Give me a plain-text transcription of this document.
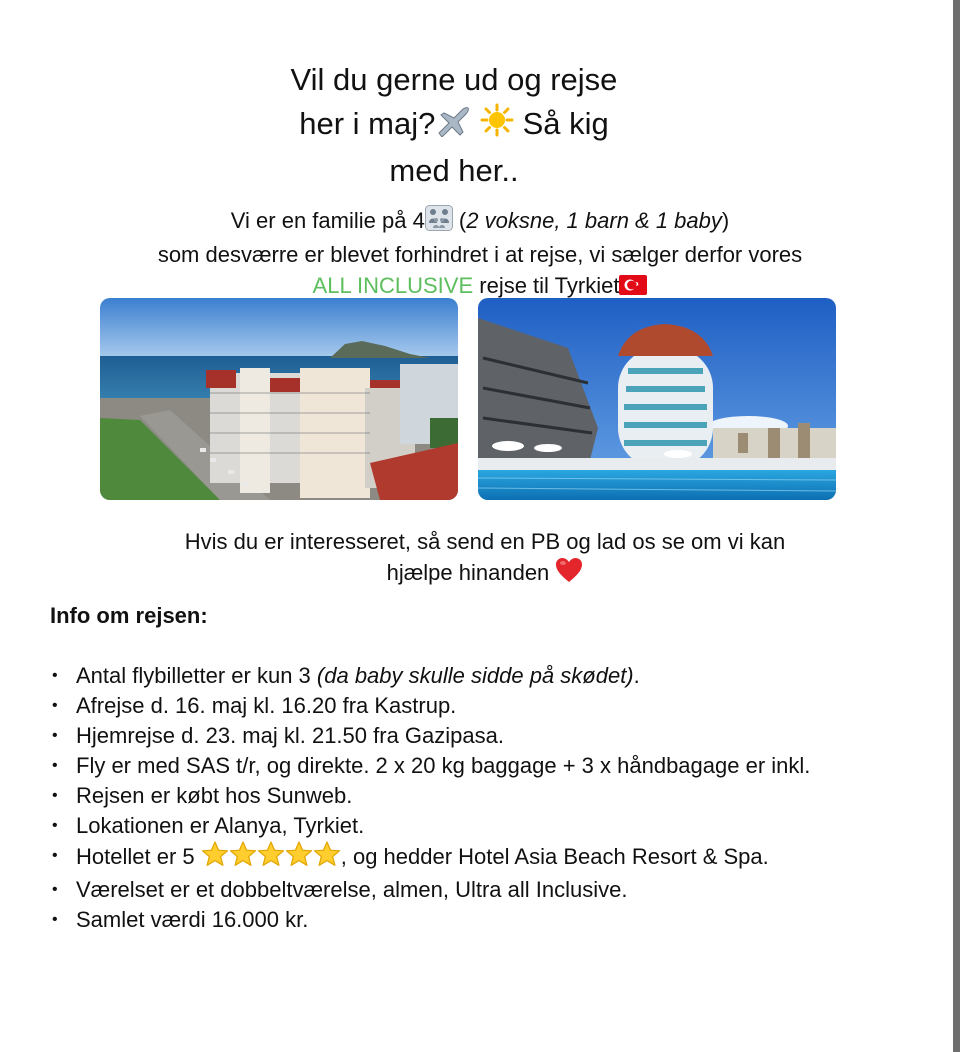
Vil du gerne ud og rejse
her i maj?	Så kig
med her..
Vi er en familie på 4 (2 voksne, 1 barn & 1 baby)
som desværre er blevet forhindret i at rejse, vi sælger derfor vores
ALL INCLUSIVE rejse til Tyrkiet
Hvis du er interesseret, så send en PB og lad os se om vi kan
hjælpe hinanden
Info om rejsen:
• Antal flybilletter er kun 3 (da baby skulle sidde på skødet).
• Afrejse d. 16. maj kl. 16.20 fra Kastrup.
• Hjemrejse d. 23. maj kl. 21.50 fra Gazipasa.
• Fly er med SAS t/r, og direkte. 2 x 20 kg baggage + 3 x håndbagage er inkl.
• Rejsen er købt hos Sunweb.
• Lokationen er Alanya, Tyrkiet.
• Hotellet er 5	, og hedder Hotel Asia Beach Resort & Spa.
• Værelset er et dobbeltværelse, almen, Ultra all Inclusive.
• Samlet værdi 16.000 kr.
